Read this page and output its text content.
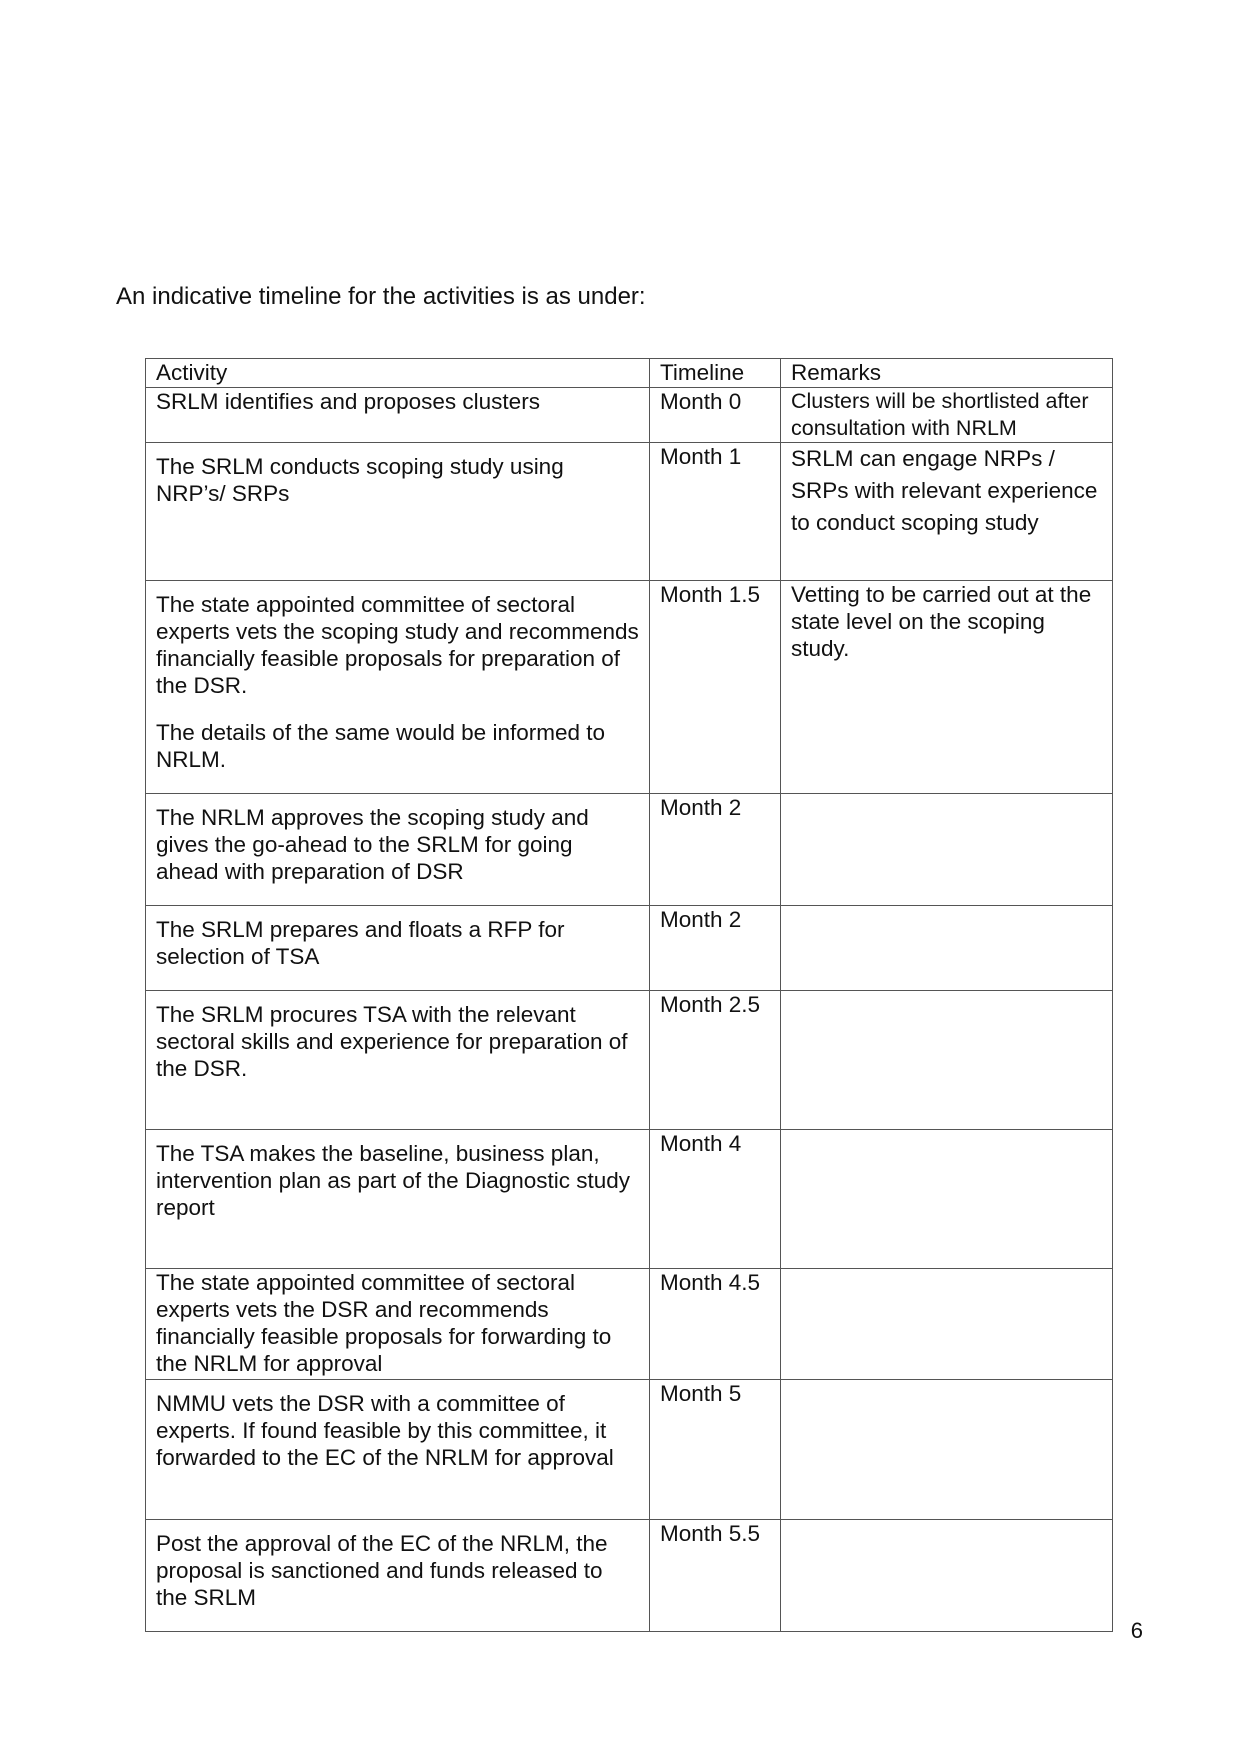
An indicative timeline for the activities is as under:

Activity	Timeline	Remarks

SRLM identifies and proposes clusters	Month 0	Clusters will be shortlisted after consultation with NRLM

The SRLM conducts scoping study using NRP’s/ SRPs	Month 1	SRLM can engage NRPs / SRPs with relevant experience to conduct scoping study

The state appointed committee of sectoral experts vets the scoping study and recommends financially feasible proposals for preparation of the DSR.

The details of the same would be informed to NRLM.	Month 1.5	Vetting to be carried out at the state level on the scoping study.

The NRLM approves the scoping study and gives the go-ahead to the SRLM for going ahead with preparation of DSR	Month 2	

The SRLM prepares and floats a RFP for selection of TSA	Month 2	

The SRLM procures TSA with the relevant sectoral skills and experience for preparation of the DSR.	Month 2.5	

The TSA makes the baseline, business plan, intervention plan as part of the Diagnostic study report	Month 4	

The state appointed committee of sectoral experts vets the DSR and recommends financially feasible proposals for forwarding to the NRLM for approval	Month 4.5	

NMMU vets the DSR with a committee of experts. If found feasible by this committee, it forwarded to the EC of the NRLM for approval	Month 5	

Post the approval of the EC of the NRLM, the proposal is sanctioned and funds released to the SRLM	Month 5.5	
6
